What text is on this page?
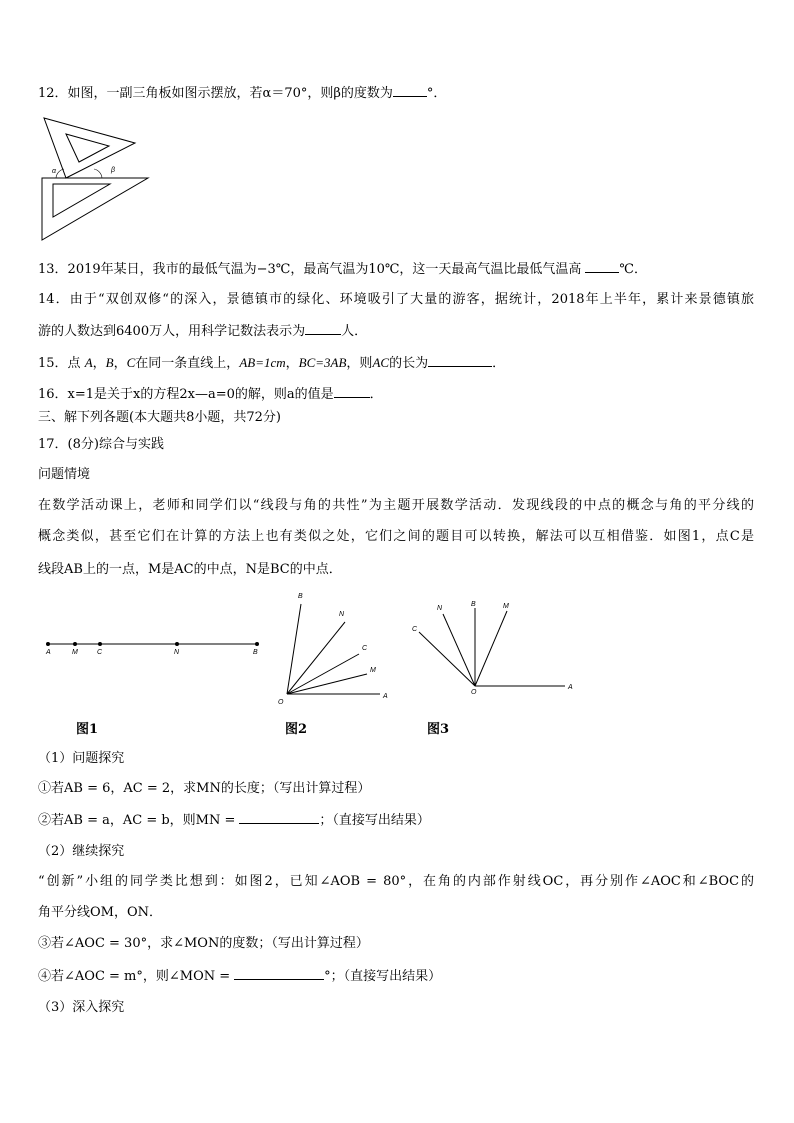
12．如图，一副三角板如图示摆放，若α＝70°，则β的度数为	°．
α	β
13．2019年某日，我市的最低气温为−3℃，最高气温为10℃，这一天最高气温比最低气温高	℃．
14．由于“双创双修“的深入，景德镇市的绿化、环境吸引了大量的游客，据统计，2018年上半年，累计来景德镇旅
游的人数达到6400万人，用科学记数法表示为	人．
15．点 A，B，C在同一条直线上，AB=1cm，BC=3AB，则AC的长为	．
16．x=1是关于x的方程2x—a=0的解，则a的值是	．
三、解下列各题(本大题共8小题，共72分)
17．(8分)综合与实践
问题情境
在数学活动课上，老师和同学们以“线段与角的共性”为主题开展数学活动．发现线段的中点的概念与角的平分线的
概念类似，甚至它们在计算的方法上也有类似之处，它们之间的题目可以转换，解法可以互相借鉴．如图1，点C是
线段AB上的一点，M是AC的中点，N是BC的中点．
A	M	C	N	B
B
N
C
M
O
A
N
B	M
C
O
A
图1	图2	图3
（1）问题探究
①若AB = 6，AC = 2，求MN的长度；（写出计算过程）
②若AB = a，AC = b，则MN =	；（直接写出结果）
（2）继续探究
“创新”小组的同学类比想到：如图2，已知∠AOB = 80°，在角的内部作射线OC，再分别作∠AOC和∠BOC的
角平分线OM，ON．
③若∠AOC = 30°，求∠MON的度数；（写出计算过程）
④若∠AOC = m°，则∠MON =	°；（直接写出结果）
（3）深入探究
